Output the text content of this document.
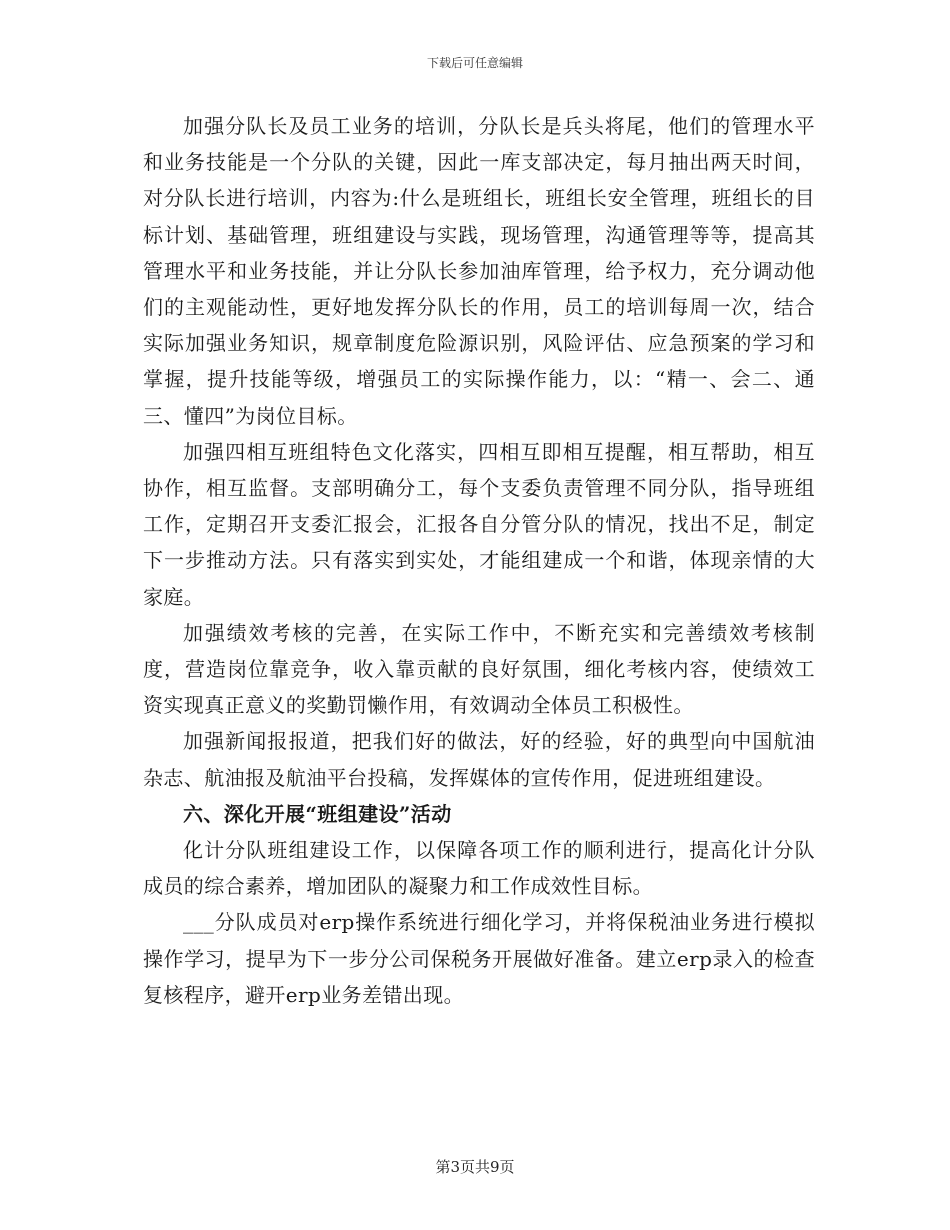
下载后可任意编辑

加强分队长及员工业务的培训，分队长是兵头将尾，他们的管理水平和业务技能是一个分队的关键，因此一库支部决定，每月抽出两天时间，对分队长进行培训，内容为:什么是班组长，班组长安全管理，班组长的目标计划、基础管理，班组建设与实践，现场管理，沟通管理等等，提高其管理水平和业务技能，并让分队长参加油库管理，给予权力，充分调动他们的主观能动性，更好地发挥分队长的作用，员工的培训每周一次，结合实际加强业务知识，规章制度危险源识别，风险评估、应急预案的学习和掌握，提升技能等级，增强员工的实际操作能力，以：“精一、会二、通三、懂四”为岗位目标。

加强四相互班组特色文化落实，四相互即相互提醒，相互帮助，相互协作，相互监督。支部明确分工，每个支委负责管理不同分队，指导班组工作，定期召开支委汇报会，汇报各自分管分队的情况，找出不足，制定下一步推动方法。只有落实到实处，才能组建成一个和谐，体现亲情的大家庭。

加强绩效考核的完善，在实际工作中，不断充实和完善绩效考核制度，营造岗位靠竞争，收入靠贡献的良好氛围，细化考核内容，使绩效工资实现真正意义的奖勤罚懒作用，有效调动全体员工积极性。

加强新闻报报道，把我们好的做法，好的经验，好的典型向中国航油杂志、航油报及航油平台投稿，发挥媒体的宣传作用，促进班组建设。

六、深化开展“班组建设”活动

化计分队班组建设工作，以保障各项工作的顺利进行，提高化计分队成员的综合素养，增加团队的凝聚力和工作成效性目标。

___分队成员对erp操作系统进行细化学习，并将保税油业务进行模拟操作学习，提早为下一步分公司保税务开展做好准备。建立erp录入的检查复核程序，避开erp业务差错出现。

第3页共9页
